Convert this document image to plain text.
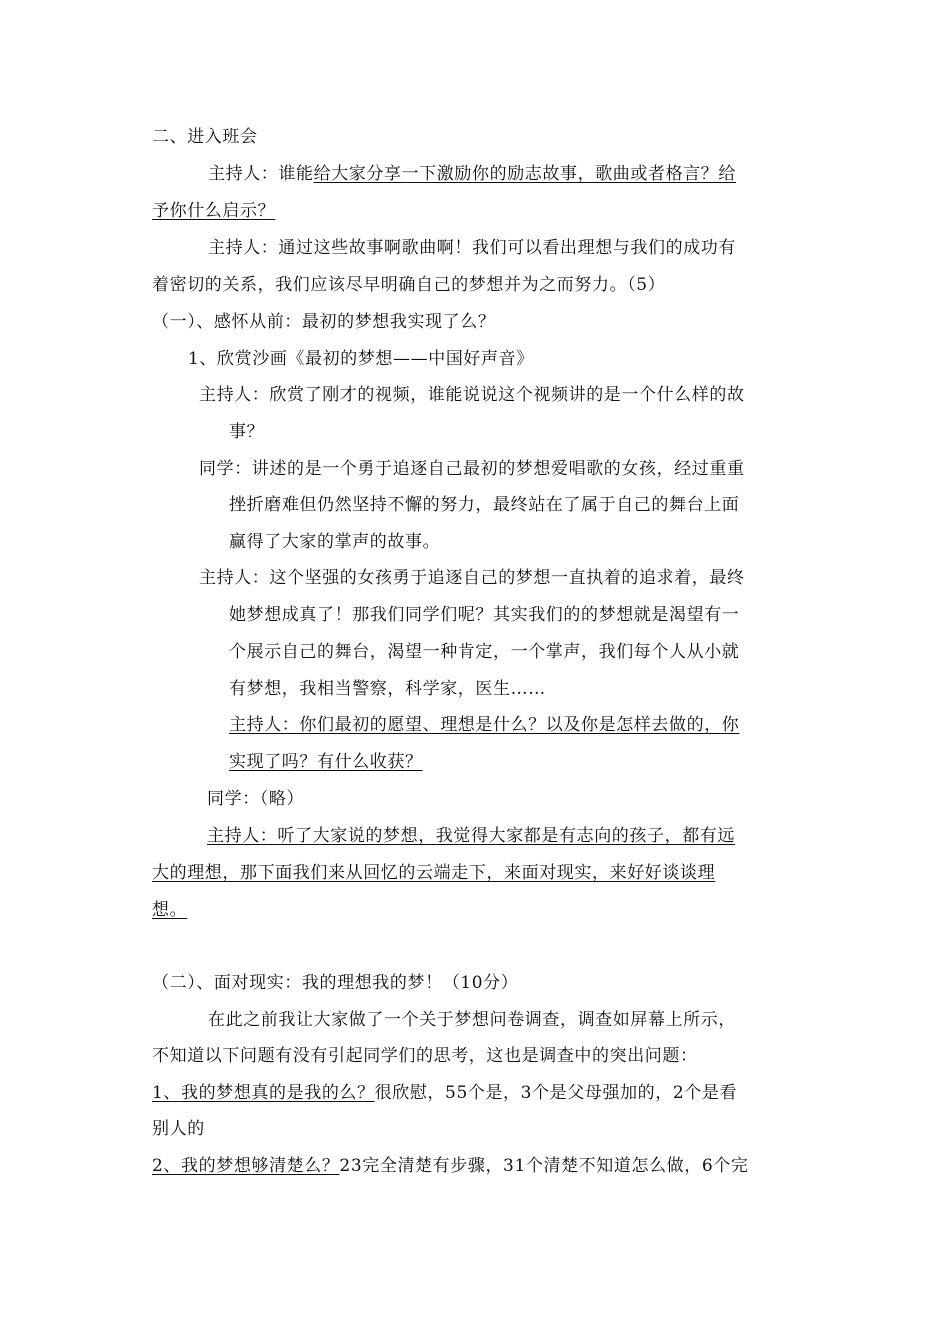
二、进入班会
主持人：谁能给大家分享一下激励你的励志故事，歌曲或者格言？给
予你什么启示？
主持人：通过这些故事啊歌曲啊！我们可以看出理想与我们的成功有
着密切的关系，我们应该尽早明确自己的梦想并为之而努力。（5）
（一）、感怀从前：最初的梦想我实现了么？
1、欣赏沙画《最初的梦想——中国好声音》
主持人：欣赏了刚才的视频，谁能说说这个视频讲的是一个什么样的故
事？
同学：讲述的是一个勇于追逐自己最初的梦想爱唱歌的女孩，经过重重
挫折磨难但仍然坚持不懈的努力，最终站在了属于自己的舞台上面
赢得了大家的掌声的故事。
主持人：这个坚强的女孩勇于追逐自己的梦想一直执着的追求着，最终
她梦想成真了！那我们同学们呢？其实我们的的梦想就是渴望有一
个展示自己的舞台，渴望一种肯定，一个掌声，我们每个人从小就
有梦想，我相当警察，科学家，医生……
主持人：你们最初的愿望、理想是什么？以及你是怎样去做的，你
实现了吗？有什么收获？
同学：（略）
主持人：听了大家说的梦想，我觉得大家都是有志向的孩子，都有远
大的理想，那下面我们来从回忆的云端走下，来面对现实，来好好谈谈理
想。
（二）、面对现实：我的理想我的梦！（10分）
在此之前我让大家做了一个关于梦想问卷调查，调查如屏幕上所示，
不知道以下问题有没有引起同学们的思考，这也是调查中的突出问题：
1、我的梦想真的是我的么？很欣慰，55个是，3个是父母强加的，2个是看
别人的
2、我的梦想够清楚么？23完全清楚有步骤，31个清楚不知道怎么做，6个完
